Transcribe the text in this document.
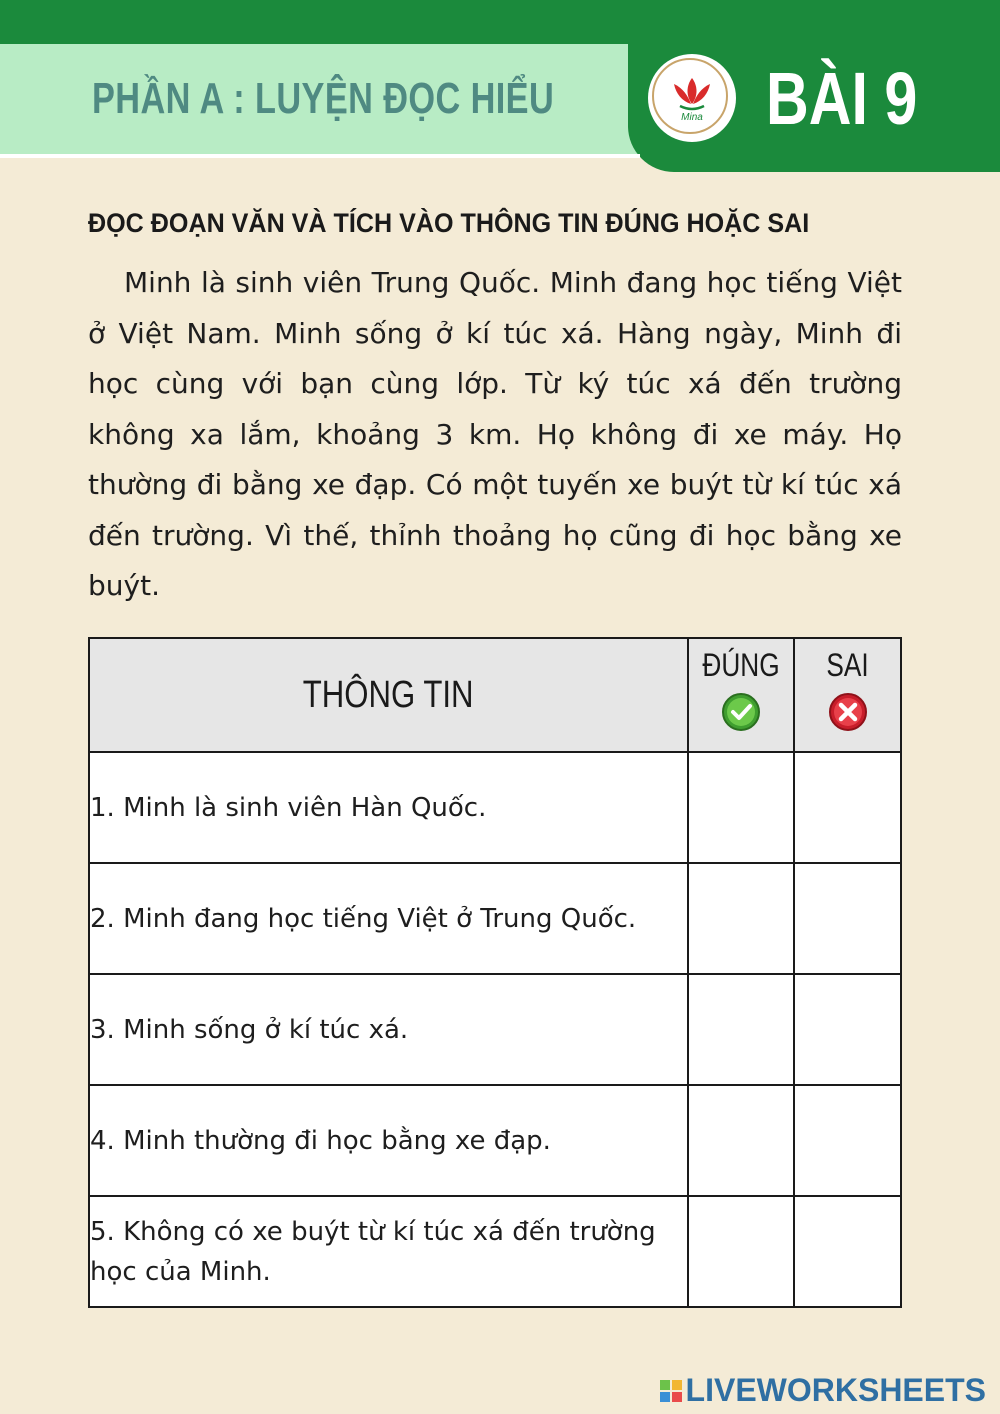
PHẦN A : LUYỆN ĐỌC HIỂU	Mina BÀI 9
ĐỌC ĐOẠN VĂN VÀ TÍCH VÀO THÔNG TIN ĐÚNG HOẶC SAI

Minh là sinh viên Trung Quốc. Minh đang học tiếng Việt ở Việt Nam. Minh sống ở kí túc xá. Hàng ngày, Minh đi học cùng với bạn cùng lớp. Từ ký túc xá đến trường không xa lắm, khoảng 3 km. Họ không đi xe máy. Họ thường đi bằng xe đạp. Có một tuyến xe buýt từ kí túc xá đến trường. Vì thế, thỉnh thoảng họ cũng đi học bằng xe buýt.

THÔNG TIN	ĐÚNG	SAI

1. Minh là sinh viên Hàn Quốc.		
2. Minh đang học tiếng Việt ở Trung Quốc.		
3. Minh sống ở kí túc xá.		
4. Minh thường đi học bằng xe đạp.		
5. Không có xe buýt từ kí túc xá đến trường học của Minh.		
LIVEWORKSHEETS
